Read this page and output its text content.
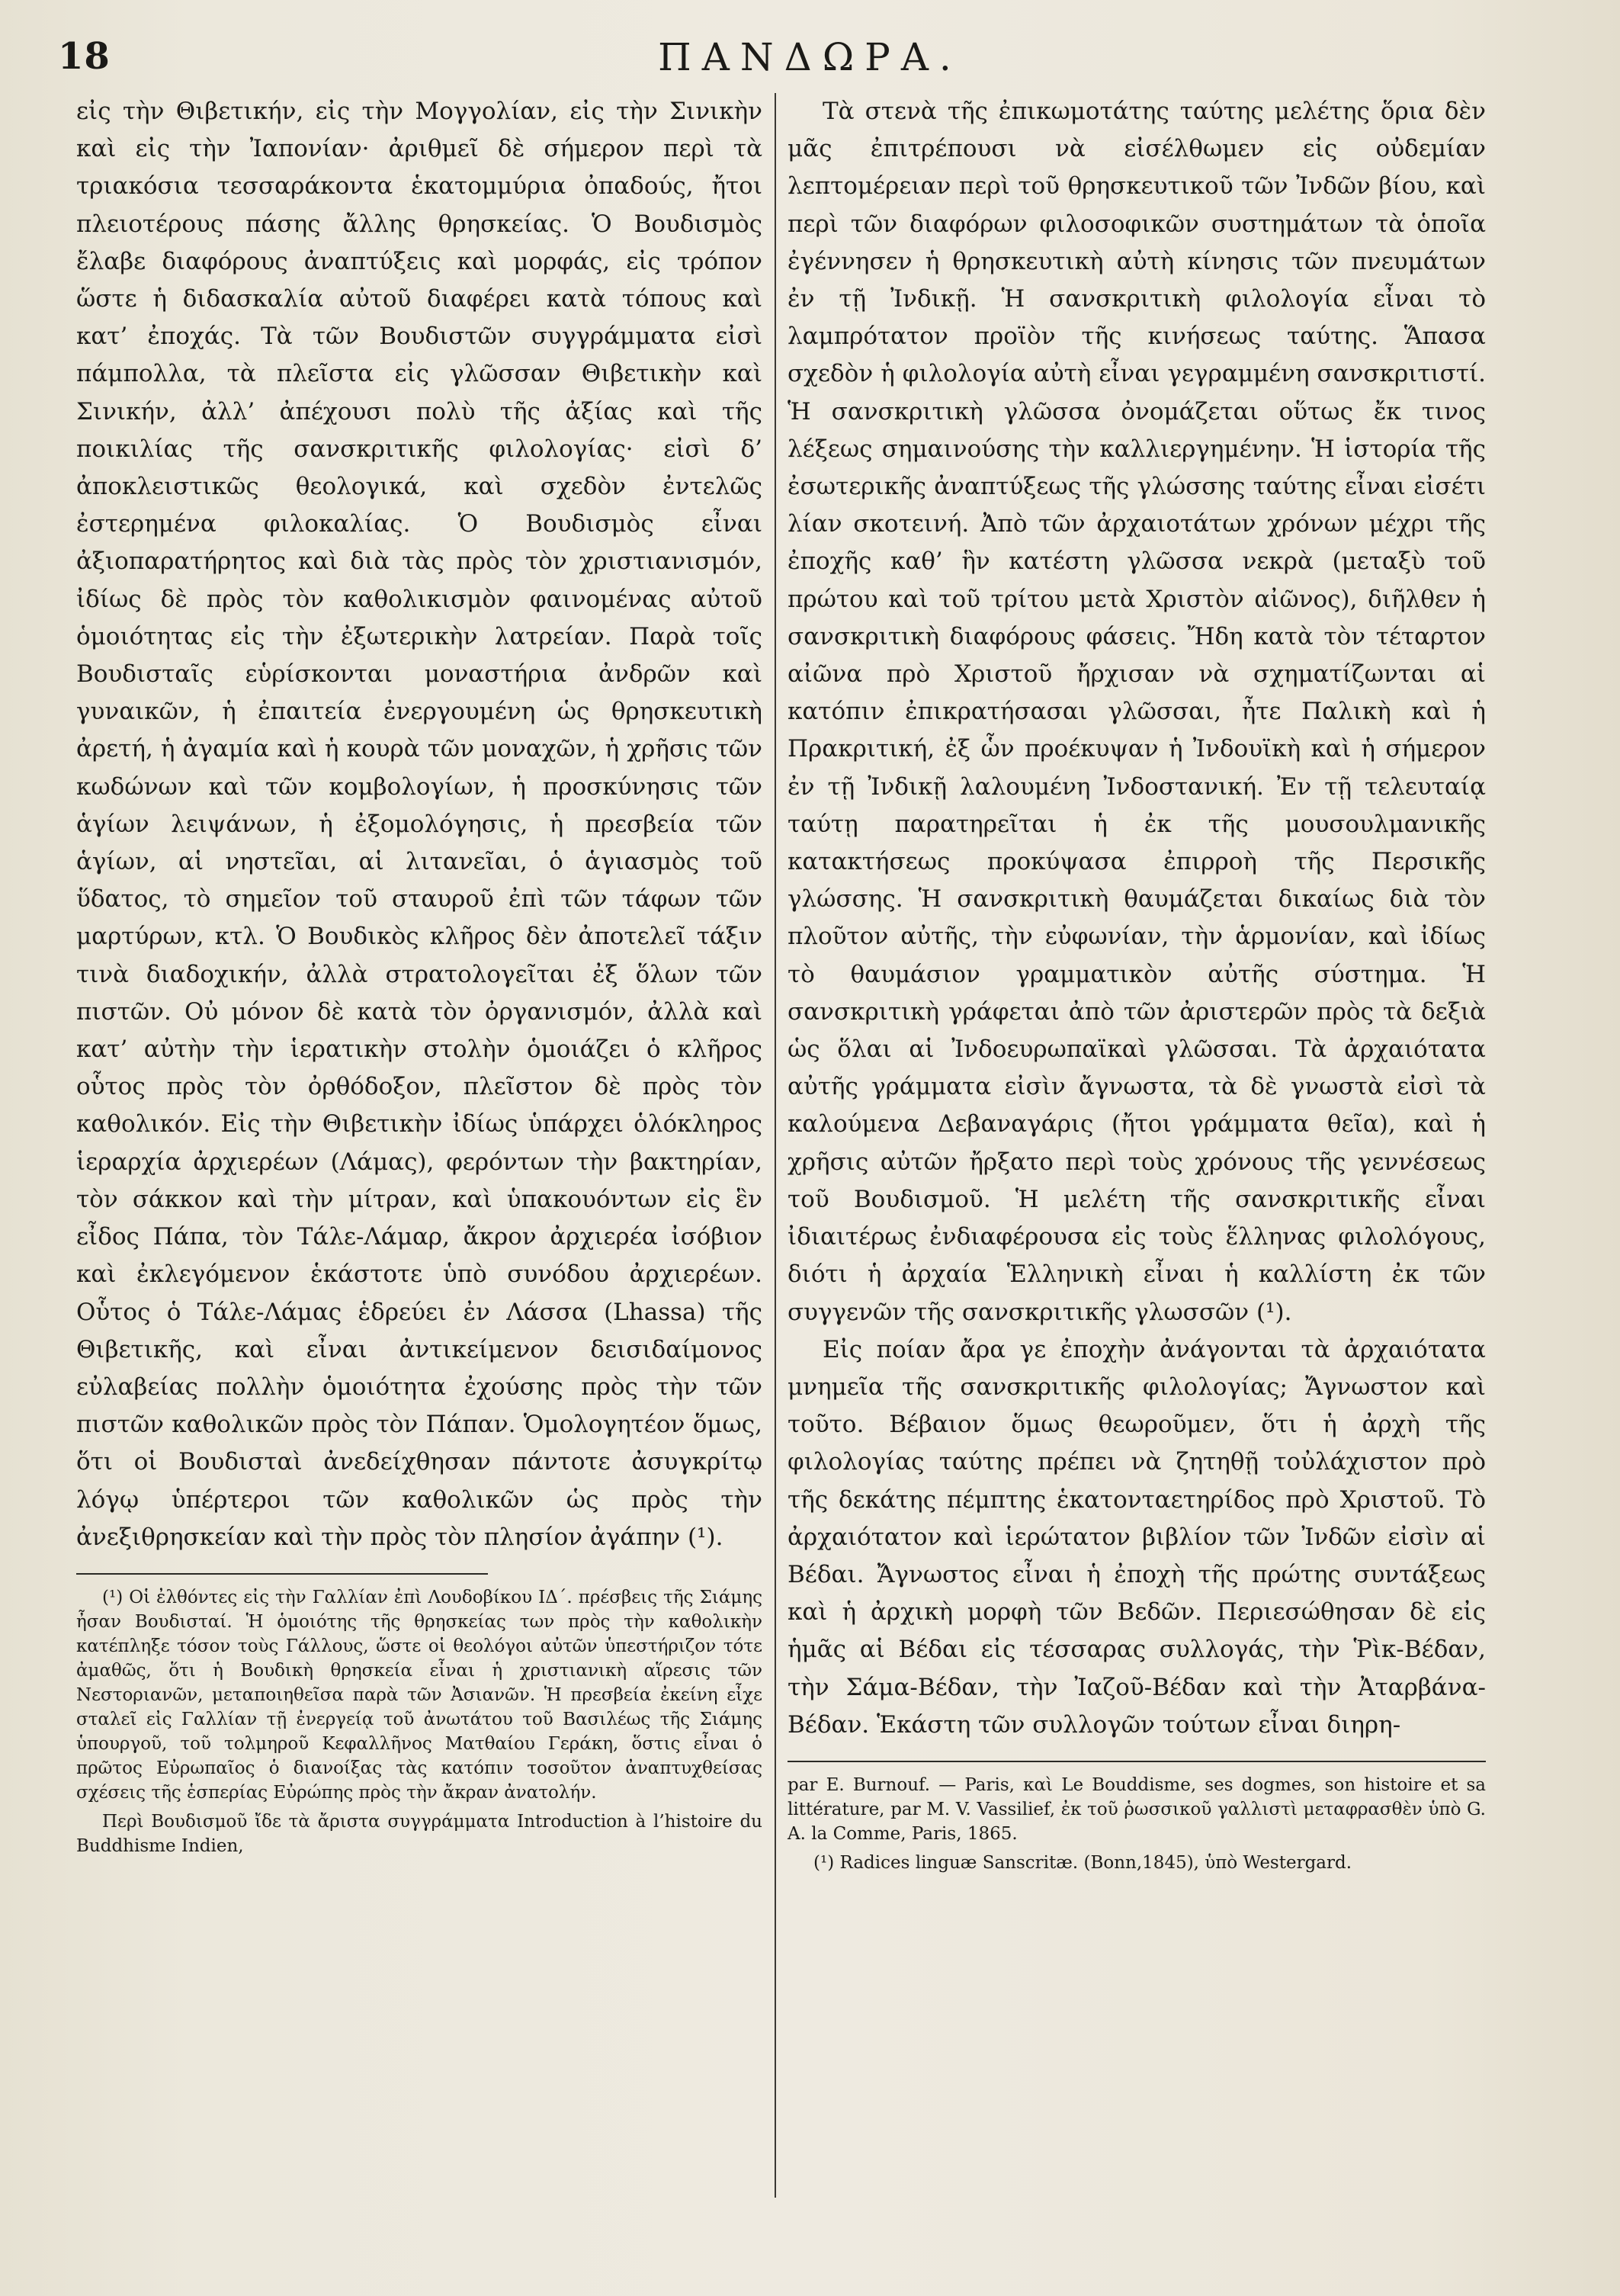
18	ΠΑΝΔΩΡΑ.

εἰς τὴν Θιβετικήν, εἰς τὴν Μογγολίαν, εἰς τὴν Σινικὴν καὶ εἰς τὴν Ἰαπονίαν· ἀριθμεῖ δὲ σήμερον περὶ τὰ τριακόσια τεσσαράκοντα ἑκατομμύρια ὀπαδούς, ἤτοι πλειοτέρους πάσης ἄλλης θρησκείας. Ὁ Βουδισμὸς ἔλαβε διαφόρους ἀναπτύξεις καὶ μορφάς, εἰς τρόπον ὥστε ἡ διδασκαλία αὐτοῦ διαφέρει κατὰ τόπους καὶ κατ’ ἐποχάς. Τὰ τῶν Βουδιστῶν συγγράμματα εἰσὶ πάμπολλα, τὰ πλεῖστα εἰς γλῶσσαν Θιβετικὴν καὶ Σινικήν, ἀλλ’ ἀπέχουσι πολὺ τῆς ἀξίας καὶ τῆς ποικιλίας τῆς σανσκριτικῆς φιλολογίας· εἰσὶ δ’ ἀποκλειστικῶς θεολογικά, καὶ σχεδὸν ἐντελῶς ἐστερημένα φιλοκαλίας. Ὁ Βουδισμὸς εἶναι ἀξιοπαρατήρητος καὶ διὰ τὰς πρὸς τὸν χριστιανισμόν, ἰδίως δὲ πρὸς τὸν καθολικισμὸν φαινομένας αὐτοῦ ὁμοιότητας εἰς τὴν ἐξωτερικὴν λατρείαν. Παρὰ τοῖς Βουδισταῖς εὑρίσκονται μοναστήρια ἀνδρῶν καὶ γυναικῶν, ἡ ἐπαιτεία ἐνεργουμένη ὡς θρησκευτικὴ ἀρετή, ἡ ἀγαμία καὶ ἡ κουρὰ τῶν μοναχῶν, ἡ χρῆσις τῶν κωδώνων καὶ τῶν κομβολογίων, ἡ προσκύνησις τῶν ἁγίων λειψάνων, ἡ ἐξομολόγησις, ἡ πρεσβεία τῶν ἁγίων, αἱ νηστεῖαι, αἱ λιτανεῖαι, ὁ ἁγιασμὸς τοῦ ὕδατος, τὸ σημεῖον τοῦ σταυροῦ ἐπὶ τῶν τάφων τῶν μαρτύρων, κτλ. Ὁ Βουδικὸς κλῆρος δὲν ἀποτελεῖ τάξιν τινὰ διαδοχικήν, ἀλλὰ στρατολογεῖται ἐξ ὅλων τῶν πιστῶν. Οὐ μόνον δὲ κατὰ τὸν ὀργανισμόν, ἀλλὰ καὶ κατ’ αὐτὴν τὴν ἱερατικὴν στολὴν ὁμοιάζει ὁ κλῆρος οὗτος πρὸς τὸν ὀρθόδοξον, πλεῖστον δὲ πρὸς τὸν καθολικόν. Εἰς τὴν Θιβετικὴν ἰδίως ὑπάρχει ὁλόκληρος ἱεραρχία ἀρχιερέων (Λάμας), φερόντων τὴν βακτηρίαν, τὸν σάκκον καὶ τὴν μίτραν, καὶ ὑπακουόντων εἰς ἓν εἶδος Πάπα, τὸν Τάλε-Λάμαρ, ἄκρον ἀρχιερέα ἰσόβιον καὶ ἐκλεγόμενον ἑκάστοτε ὑπὸ συνόδου ἀρχιερέων. Οὗτος ὁ Τάλε-Λάμας ἑδρεύει ἐν Λάσσα (Lhassa) τῆς Θιβετικῆς, καὶ εἶναι ἀντικείμενον δεισιδαίμονος εὐλαβείας πολλὴν ὁμοιότητα ἐχούσης πρὸς τὴν τῶν πιστῶν καθολικῶν πρὸς τὸν Πάπαν. Ὁμολογητέον ὅμως, ὅτι οἱ Βουδισταὶ ἀνεδείχθησαν πάντοτε ἀσυγκρίτῳ λόγῳ ὑπέρτεροι τῶν καθολικῶν ὡς πρὸς τὴν ἀνεξιθρησκείαν καὶ τὴν πρὸς τὸν πλησίον ἀγάπην (¹).

(¹) Οἱ ἐλθόντες εἰς τὴν Γαλλίαν ἐπὶ Λουδοβίκου ΙΔ΄. πρέσβεις τῆς Σιάμης ἦσαν Βουδισταί. Ἡ ὁμοιότης τῆς θρησκείας των πρὸς τὴν καθολικὴν κατέπληξε τόσον τοὺς Γάλλους, ὥστε οἱ θεολόγοι αὐτῶν ὑπεστήριζον τότε ἀμαθῶς, ὅτι ἡ Βουδικὴ θρησκεία εἶναι ἡ χριστιανικὴ αἵρεσις τῶν Νεστοριανῶν, μεταποιηθεῖσα παρὰ τῶν Ἀσιανῶν. Ἡ πρεσβεία ἐκείνη εἶχε σταλεῖ εἰς Γαλλίαν τῇ ἐνεργείᾳ τοῦ ἀνωτάτου τοῦ Βασιλέως τῆς Σιάμης ὑπουργοῦ, τοῦ τολμηροῦ Κεφαλλῆνος Ματθαίου Γεράκη, ὅστις εἶναι ὁ πρῶτος Εὐρωπαῖος ὁ διανοίξας τὰς κατόπιν τοσοῦτον ἀναπτυχθείσας σχέσεις τῆς ἑσπερίας Εὐρώπης πρὸς τὴν ἄκραν ἀνατολήν.

Περὶ Βουδισμοῦ ἴδε τὰ ἄριστα συγγράμματα Introduction à l’histoire du Buddhisme Indien,

Τὰ στενὰ τῆς ἐπικωμοτάτης ταύτης μελέτης ὅρια δὲν μᾶς ἐπιτρέπουσι νὰ εἰσέλθωμεν εἰς οὐδεμίαν λεπτομέρειαν περὶ τοῦ θρησκευτικοῦ τῶν Ἰνδῶν βίου, καὶ περὶ τῶν διαφόρων φιλοσοφικῶν συστημάτων τὰ ὁποῖα ἐγέννησεν ἡ θρησκευτικὴ αὐτὴ κίνησις τῶν πνευμάτων ἐν τῇ Ἰνδικῇ. Ἡ σανσκριτικὴ φιλολογία εἶναι τὸ λαμπρότατον προϊὸν τῆς κινήσεως ταύτης. Ἅπασα σχεδὸν ἡ φιλολογία αὐτὴ εἶναι γεγραμμένη σανσκριτιστί. Ἡ σανσκριτικὴ γλῶσσα ὀνομάζεται οὕτως ἔκ τινος λέξεως σημαινούσης τὴν καλλιεργημένην. Ἡ ἱστορία τῆς ἐσωτερικῆς ἀναπτύξεως τῆς γλώσσης ταύτης εἶναι εἰσέτι λίαν σκοτεινή. Ἀπὸ τῶν ἀρχαιοτάτων χρόνων μέχρι τῆς ἐποχῆς καθ’ ἣν κατέστη γλῶσσα νεκρὰ (μεταξὺ τοῦ πρώτου καὶ τοῦ τρίτου μετὰ Χριστὸν αἰῶνος), διῆλθεν ἡ σανσκριτικὴ διαφόρους φάσεις. Ἤδη κατὰ τὸν τέταρτον αἰῶνα πρὸ Χριστοῦ ἤρχισαν νὰ σχηματίζωνται αἱ κατόπιν ἐπικρατήσασαι γλῶσσαι, ἦτε Παλικὴ καὶ ἡ Πρακριτική, ἐξ ὧν προέκυψαν ἡ Ἰνδουϊκὴ καὶ ἡ σήμερον ἐν τῇ Ἰνδικῇ λαλουμένη Ἰνδοστανική. Ἐν τῇ τελευταίᾳ ταύτῃ παρατηρεῖται ἡ ἐκ τῆς μουσουλμανικῆς κατακτήσεως προκύψασα ἐπιρροὴ τῆς Περσικῆς γλώσσης. Ἡ σανσκριτικὴ θαυμάζεται δικαίως διὰ τὸν πλοῦτον αὐτῆς, τὴν εὐφωνίαν, τὴν ἁρμονίαν, καὶ ἰδίως τὸ θαυμάσιον γραμματικὸν αὐτῆς σύστημα. Ἡ σανσκριτικὴ γράφεται ἀπὸ τῶν ἀριστερῶν πρὸς τὰ δεξιὰ ὡς ὅλαι αἱ Ἰνδοευρωπαϊκαὶ γλῶσσαι. Τὰ ἀρχαιότατα αὐτῆς γράμματα εἰσὶν ἄγνωστα, τὰ δὲ γνωστὰ εἰσὶ τὰ καλούμενα Δεβαναγάρις (ἤτοι γράμματα θεῖα), καὶ ἡ χρῆσις αὐτῶν ἤρξατο περὶ τοὺς χρόνους τῆς γεννέσεως τοῦ Βουδισμοῦ. Ἡ μελέτη τῆς σανσκριτικῆς εἶναι ἰδιαιτέρως ἐνδιαφέρουσα εἰς τοὺς ἕλληνας φιλολόγους, διότι ἡ ἀρχαία Ἑλληνικὴ εἶναι ἡ καλλίστη ἐκ τῶν συγγενῶν τῆς σανσκριτικῆς γλωσσῶν (¹).

Εἰς ποίαν ἄρα γε ἐποχὴν ἀνάγονται τὰ ἀρχαιότατα μνημεῖα τῆς σανσκριτικῆς φιλολογίας; Ἄγνωστον καὶ τοῦτο. Βέβαιον ὅμως θεωροῦμεν, ὅτι ἡ ἀρχὴ τῆς φιλολογίας ταύτης πρέπει νὰ ζητηθῇ τοὐλάχιστον πρὸ τῆς δεκάτης πέμπτης ἑκατονταετηρίδος πρὸ Χριστοῦ. Τὸ ἀρχαιότατον καὶ ἱερώτατον βιβλίον τῶν Ἰνδῶν εἰσὶν αἱ Βέδαι. Ἄγνωστος εἶναι ἡ ἐποχὴ τῆς πρώτης συντάξεως καὶ ἡ ἀρχικὴ μορφὴ τῶν Βεδῶν. Περιεσώθησαν δὲ εἰς ἡμᾶς αἱ Βέδαι εἰς τέσσαρας συλλογάς, τὴν Ῥὶκ-Βέδαν, τὴν Σάμα-Βέδαν, τὴν Ἰαζοῦ-Βέδαν καὶ τὴν Ἀταρβάνα-Βέδαν. Ἑκάστη τῶν συλλογῶν τούτων εἶναι διηρη-

par E. Burnouf. — Paris, καὶ Le Bouddisme, ses dogmes, son histoire et sa littérature, par M. V. Vassilief, ἐκ τοῦ ῥωσσικοῦ γαλλιστὶ μεταφρασθὲν ὑπὸ G. A. la Comme, Paris, 1865.

(¹) Radices linguæ Sanscritæ. (Bonn,1845), ὑπὸ Westergard.
